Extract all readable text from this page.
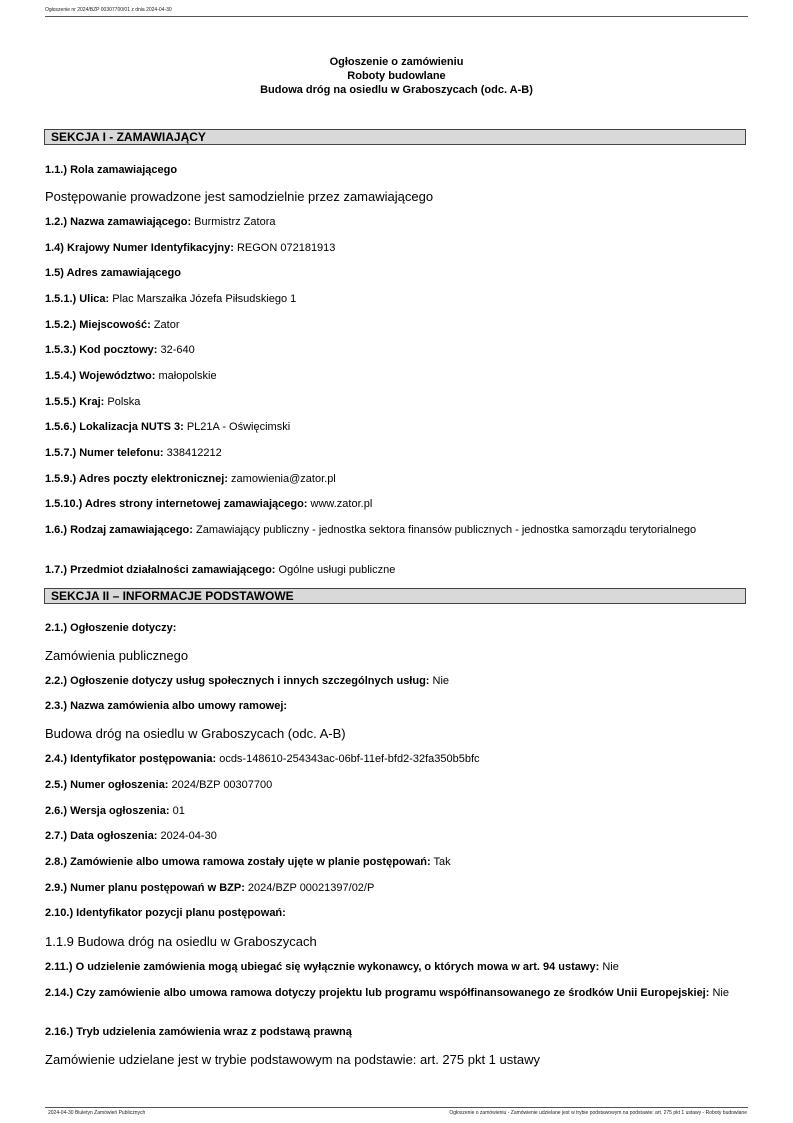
Ogłoszenie nr 2024/BZP 00307700/01 z dnia 2024-04-30
Ogłoszenie o zamówieniu
Roboty budowlane
Budowa dróg na osiedlu w Graboszycach (odc. A-B)
SEKCJA I - ZAMAWIAJĄCY
1.1.) Rola zamawiającego
Postępowanie prowadzone jest samodzielnie przez zamawiającego
1.2.) Nazwa zamawiającego: Burmistrz Zatora
1.4) Krajowy Numer Identyfikacyjny: REGON 072181913
1.5) Adres zamawiającego
1.5.1.) Ulica: Plac Marszałka Józefa Piłsudskiego 1
1.5.2.) Miejscowość: Zator
1.5.3.) Kod pocztowy: 32-640
1.5.4.) Województwo: małopolskie
1.5.5.) Kraj: Polska
1.5.6.) Lokalizacja NUTS 3: PL21A - Oświęcimski
1.5.7.) Numer telefonu: 338412212
1.5.9.) Adres poczty elektronicznej: zamowienia@zator.pl
1.5.10.) Adres strony internetowej zamawiającego: www.zator.pl
1.6.) Rodzaj zamawiającego: Zamawiający publiczny - jednostka sektora finansów publicznych - jednostka samorządu terytorialnego
1.7.) Przedmiot działalności zamawiającego: Ogólne usługi publiczne
SEKCJA II – INFORMACJE PODSTAWOWE
2.1.) Ogłoszenie dotyczy:
Zamówienia publicznego
2.2.) Ogłoszenie dotyczy usług społecznych i innych szczególnych usług: Nie
2.3.) Nazwa zamówienia albo umowy ramowej:
Budowa dróg na osiedlu w Graboszycach (odc. A-B)
2.4.) Identyfikator postępowania: ocds-148610-254343ac-06bf-11ef-bfd2-32fa350b5bfc
2.5.) Numer ogłoszenia: 2024/BZP 00307700
2.6.) Wersja ogłoszenia: 01
2.7.) Data ogłoszenia: 2024-04-30
2.8.) Zamówienie albo umowa ramowa zostały ujęte w planie postępowań: Tak
2.9.) Numer planu postępowań w BZP: 2024/BZP 00021397/02/P
2.10.) Identyfikator pozycji planu postępowań:
1.1.9 Budowa dróg na osiedlu w Graboszycach
2.11.) O udzielenie zamówienia mogą ubiegać się wyłącznie wykonawcy, o których mowa w art. 94 ustawy: Nie
2.14.) Czy zamówienie albo umowa ramowa dotyczy projektu lub programu współfinansowanego ze środków Unii Europejskiej: Nie
2.16.) Tryb udzielenia zamówienia wraz z podstawą prawną
Zamówienie udzielane jest w trybie podstawowym na podstawie: art. 275 pkt 1 ustawy
2024-04-30 Biuletyn Zamówień Publicznych	Ogłoszenie o zamówieniu - Zamówienie udzielane jest w trybie podstawowym na podstawie: art. 275 pkt 1 ustawy - Roboty budowlane
